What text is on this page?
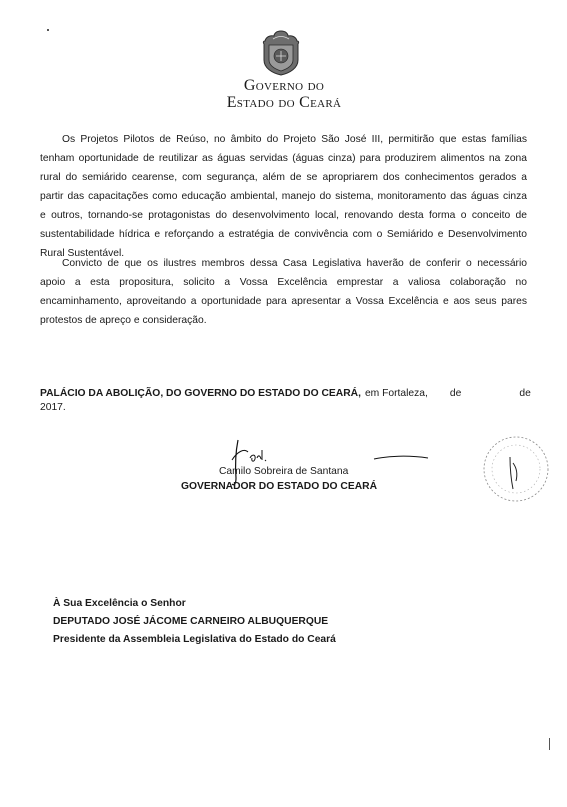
Governo do
Estado do Ceará

Os Projetos Pilotos de Reúso, no âmbito do Projeto São José III, permitirão que estas famílias
tenham oportunidade de reutilizar as águas servidas (águas cinza) para produzirem alimentos na zona
rural do semiárido cearense, com segurança, além de se apropriarem dos conhecimentos gerados a
partir das capacitações como educação ambiental, manejo do sistema, monitoramento das águas cinza
e outros, tornando-se protagonistas do desenvolvimento local, renovando desta forma o conceito de
sustentabilidade hídrica e reforçando a estratégia de convivência com o Semiárido e Desenvolvimento
Rural Sustentável.

Convicto de que os ilustres membros dessa Casa Legislativa haverão de conferir o necessário
apoio a esta propositura, solicito a Vossa Excelência emprestar a valiosa colaboração no
encaminhamento, aproveitando a oportunidade para apresentar a Vossa Excelência e aos seus pares
protestos de apreço e consideração.

PALÁCIO DA ABOLIÇÃO, DO GOVERNO DO ESTADO DO CEARÁ, em Fortaleza, de	de
2017.
Camilo Sobreira de Santana
GOVERNADOR DO ESTADO DO CEARÁ
À Sua Excelência o Senhor
DEPUTADO JOSÉ JÁCOME CARNEIRO ALBUQUERQUE
Presidente da Assembleia Legislativa do Estado do Ceará
